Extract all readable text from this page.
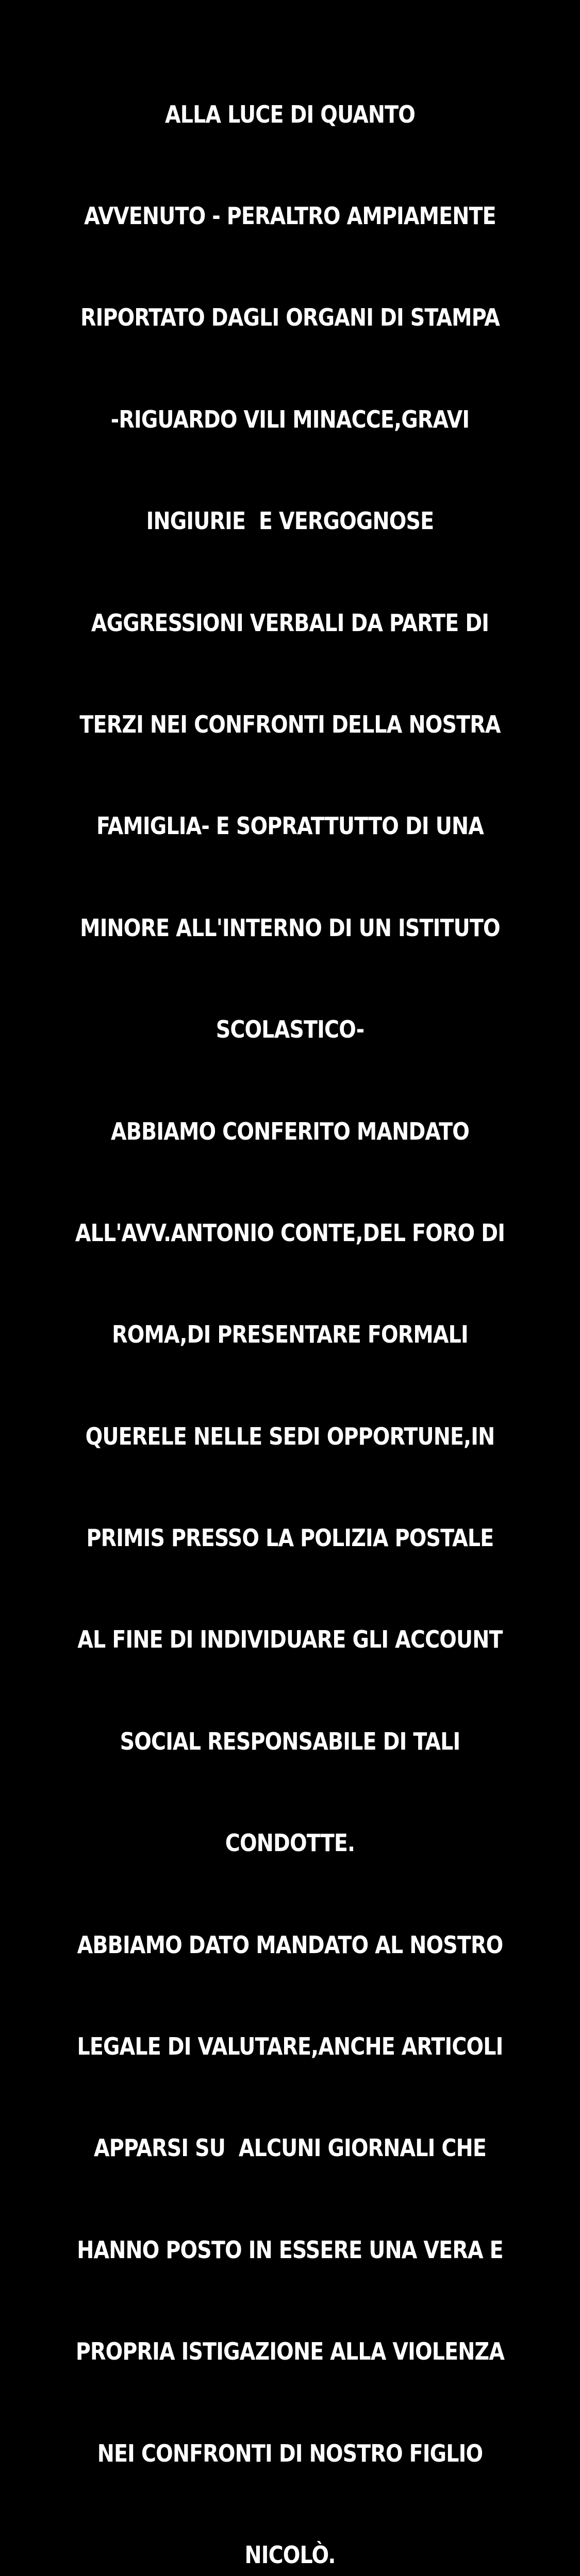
ALLA LUCE DI QUANTO

AVVENUTO - PERALTRO AMPIAMENTE

RIPORTATO DAGLI ORGANI DI STAMPA

-RIGUARDO VILI MINACCE,GRAVI

INGIURIE  E VERGOGNOSE

AGGRESSIONI VERBALI DA PARTE DI

TERZI NEI CONFRONTI DELLA NOSTRA

FAMIGLIA- E SOPRATTUTTO DI UNA

MINORE ALL'INTERNO DI UN ISTITUTO

SCOLASTICO-

ABBIAMO CONFERITO MANDATO

ALL'AVV.ANTONIO CONTE,DEL FORO DI

ROMA,DI PRESENTARE FORMALI

QUERELE NELLE SEDI OPPORTUNE,IN

PRIMIS PRESSO LA POLIZIA POSTALE

AL FINE DI INDIVIDUARE GLI ACCOUNT

SOCIAL RESPONSABILE DI TALI

CONDOTTE.

ABBIAMO DATO MANDATO AL NOSTRO

LEGALE DI VALUTARE,ANCHE ARTICOLI

APPARSI SU  ALCUNI GIORNALI CHE

HANNO POSTO IN ESSERE UNA VERA E

PROPRIA ISTIGAZIONE ALLA VIOLENZA

NEI CONFRONTI DI NOSTRO FIGLIO

NICOLÒ.
